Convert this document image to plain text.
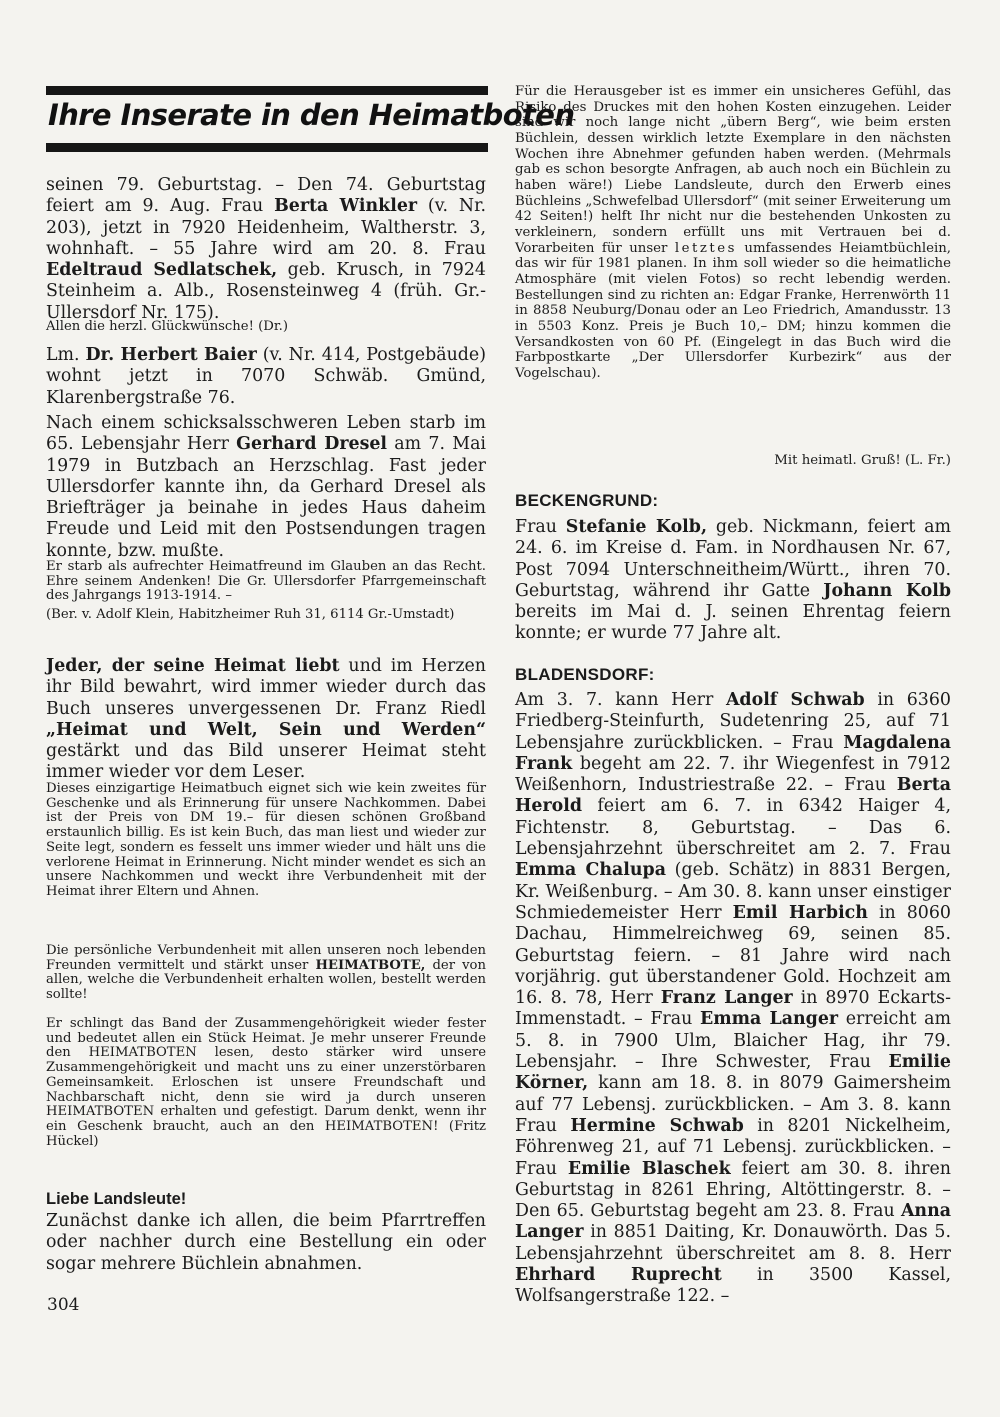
Ihre Inserate in den Heimatboten

seinen 79. Geburtstag. – Den 74. Geburtstag feiert am 9. Aug. Frau Berta Winkler (v. Nr. 203), jetzt in 7920 Heidenheim, Waltherstr. 3, wohnhaft. – 55 Jahre wird am 20. 8. Frau Edeltraud Sedlatschek, geb. Krusch, in 7924 Steinheim a. Alb., Rosensteinweg 4 (früh. Gr.-Ullersdorf Nr. 175).

Allen die herzl. Glückwünsche! (Dr.)

Lm. Dr. Herbert Baier (v. Nr. 414, Postgebäude) wohnt jetzt in 7070 Schwäb. Gmünd, Klarenbergstraße 76.

Nach einem schicksalsschweren Leben starb im 65. Lebensjahr Herr Gerhard Dresel am 7. Mai 1979 in Butzbach an Herzschlag. Fast jeder Ullersdorfer kannte ihn, da Gerhard Dresel als Briefträger ja beinahe in jedes Haus daheim Freude und Leid mit den Postsendungen tragen konnte, bzw. mußte.

Er starb als aufrechter Heimatfreund im Glauben an das Recht. Ehre seinem Andenken! Die Gr. Ullersdorfer Pfarrgemeinschaft des Jahrgangs 1913-1914. –

(Ber. v. Adolf Klein, Habitzheimer Ruh 31, 6114 Gr.-Umstadt)

Jeder, der seine Heimat liebt und im Herzen ihr Bild bewahrt, wird immer wieder durch das Buch unseres unvergessenen Dr. Franz Riedl „Heimat und Welt, Sein und Werden“ gestärkt und das Bild unserer Heimat steht immer wieder vor dem Leser.

Dieses einzigartige Heimatbuch eignet sich wie kein zweites für Geschenke und als Erinnerung für unsere Nachkommen. Dabei ist der Preis von DM 19.– für diesen schönen Großband erstaunlich billig. Es ist kein Buch, das man liest und wieder zur Seite legt, sondern es fesselt uns immer wieder und hält uns die verlorene Heimat in Erinnerung. Nicht minder wendet es sich an unsere Nachkommen und weckt ihre Verbundenheit mit der Heimat ihrer Eltern und Ahnen.

Die persönliche Verbundenheit mit allen unseren noch lebenden Freunden vermittelt und stärkt unser HEIMATBOTE, der von allen, welche die Verbundenheit erhalten wollen, bestellt werden sollte!

Er schlingt das Band der Zusammengehörigkeit wieder fester und bedeutet allen ein Stück Heimat. Je mehr unserer Freunde den HEIMATBOTEN lesen, desto stärker wird unsere Zusammengehörigkeit und macht uns zu einer unzerstörbaren Gemeinsamkeit. Erloschen ist unsere Freundschaft und Nachbarschaft nicht, denn sie wird ja durch unseren HEIMATBOTEN erhalten und gefestigt. Darum denkt, wenn ihr ein Geschenk braucht, auch an den HEIMATBOTEN! (Fritz Hückel)

Liebe Landsleute!

Zunächst danke ich allen, die beim Pfarrtreffen oder nachher durch eine Bestellung ein oder sogar mehrere Büchlein abnahmen.

Für die Herausgeber ist es immer ein unsicheres Gefühl, das Risiko des Druckes mit den hohen Kosten einzugehen. Leider sind wir noch lange nicht „übern Berg“, wie beim ersten Büchlein, dessen wirklich letzte Exemplare in den nächsten Wochen ihre Abnehmer gefunden haben werden. (Mehrmals gab es schon besorgte Anfragen, ab auch noch ein Büchlein zu haben wäre!) Liebe Landsleute, durch den Erwerb eines Büchleins „Schwefelbad Ullersdorf“ (mit seiner Erweiterung um 42 Seiten!) helft Ihr nicht nur die bestehenden Unkosten zu verkleinern, sondern erfüllt uns mit Vertrauen bei d. Vorarbeiten für unser letztes umfassendes Heiamtbüchlein, das wir für 1981 planen. In ihm soll wieder so die heimatliche Atmosphäre (mit vielen Fotos) so recht lebendig werden. Bestellungen sind zu richten an: Edgar Franke, Herrenwörth 11 in 8858 Neuburg/Donau oder an Leo Friedrich, Amandusstr. 13 in 5503 Konz. Preis je Buch 10,– DM; hinzu kommen die Versandkosten von 60 Pf. (Eingelegt in das Buch wird die Farbpostkarte „Der Ullersdorfer Kurbezirk“ aus der Vogelschau).

Mit heimatl. Gruß! (L. Fr.)

BECKENGRUND:

Frau Stefanie Kolb, geb. Nickmann, feiert am 24. 6. im Kreise d. Fam. in Nordhausen Nr. 67, Post 7094 Unterschneitheim/Württ., ihren 70. Geburtstag, während ihr Gatte Johann Kolb bereits im Mai d. J. seinen Ehrentag feiern konnte; er wurde 77 Jahre alt.

BLADENSDORF:

Am 3. 7. kann Herr Adolf Schwab in 6360 Friedberg-Steinfurth, Sudetenring 25, auf 71 Lebensjahre zurückblicken. – Frau Magdalena Frank begeht am 22. 7. ihr Wiegenfest in 7912 Weißenhorn, Industriestraße 22. – Frau Berta Herold feiert am 6. 7. in 6342 Haiger 4, Fichtenstr. 8, Geburtstag. – Das 6. Lebensjahrzehnt überschreitet am 2. 7. Frau Emma Chalupa (geb. Schätz) in 8831 Bergen, Kr. Weißenburg. – Am 30. 8. kann unser einstiger Schmiedemeister Herr Emil Harbich in 8060 Dachau, Himmelreichweg 69, seinen 85. Geburtstag feiern. – 81 Jahre wird nach vorjährig. gut überstandener Gold. Hochzeit am 16. 8. 78, Herr Franz Langer in 8970 Eckarts-Immenstadt. – Frau Emma Langer erreicht am 5. 8. in 7900 Ulm, Blaicher Hag, ihr 79. Lebensjahr. – Ihre Schwester, Frau Emilie Körner, kann am 18. 8. in 8079 Gaimersheim auf 77 Lebensj. zurückblicken. – Am 3. 8. kann Frau Hermine Schwab in 8201 Nickelheim, Föhrenweg 21, auf 71 Lebensj. zurückblicken. – Frau Emilie Blaschek feiert am 30. 8. ihren Geburtstag in 8261 Ehring, Altöttingerstr. 8. – Den 65. Geburtstag begeht am 23. 8. Frau Anna Langer in 8851 Daiting, Kr. Donauwörth. Das 5. Lebensjahrzehnt überschreitet am 8. 8. Herr Ehrhard Ruprecht in 3500 Kassel, Wolfsangerstraße 122. –

304
